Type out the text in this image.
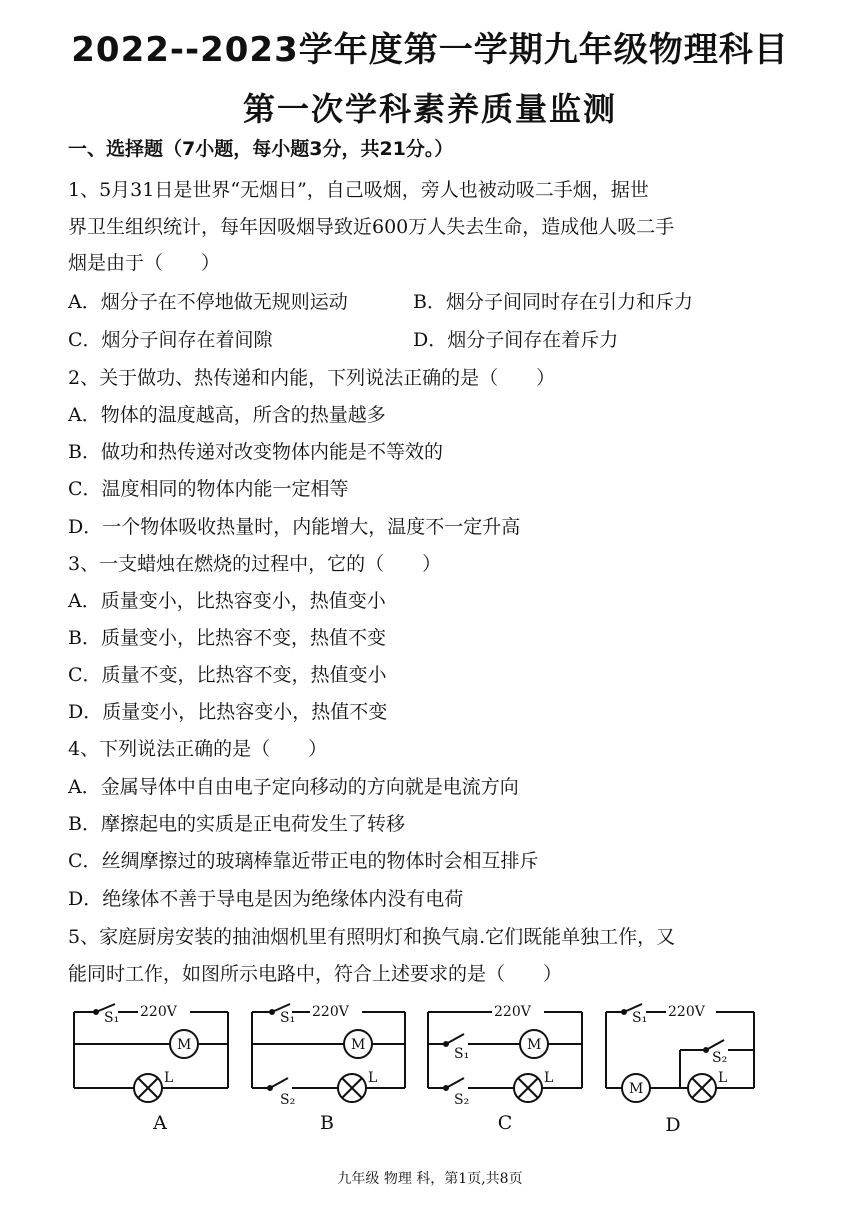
2022--2023学年度第一学期九年级物理科目
第一次学科素养质量监测
一、选择题（7小题，每小题3分，共21分。）
1、5月31日是世界“无烟日”，自己吸烟，旁人也被动吸二手烟，据世
界卫生组织统计，每年因吸烟导致近600万人失去生命，造成他人吸二手
烟是由于（　　）
A．烟分子在不停地做无规则运动	B．烟分子间同时存在引力和斥力
C．烟分子间存在着间隙	D．烟分子间存在着斥力
2、关于做功、热传递和内能，下列说法正确的是（　　）
A．物体的温度越高，所含的热量越多
B．做功和热传递对改变物体内能是不等效的
C．温度相同的物体内能一定相等
D．一个物体吸收热量时，内能增大，温度不一定升高
3、一支蜡烛在燃烧的过程中，它的（　　）
A．质量变小，比热容变小，热值变小
B．质量变小，比热容不变，热值不变
C．质量不变，比热容不变，热值变小
D．质量变小，比热容变小，热值不变
4、下列说法正确的是（　　）
A．金属导体中自由电子定向移动的方向就是电流方向
B．摩擦起电的实质是正电荷发生了转移
C．丝绸摩擦过的玻璃棒靠近带正电的物体时会相互排斥
D．绝缘体不善于导电是因为绝缘体内没有电荷
5、家庭厨房安装的抽油烟机里有照明灯和换气扇.它们既能单独工作，又
能同时工作，如图所示电路中，符合上述要求的是（　　）
220V
S₁
M
L
220V
S₁
M
L
S₂
220V
S₁
M
L
S₂
220V
S₁
S₂
M
L
A	B	C	D
九年级 物理 科，第1页,共8页
